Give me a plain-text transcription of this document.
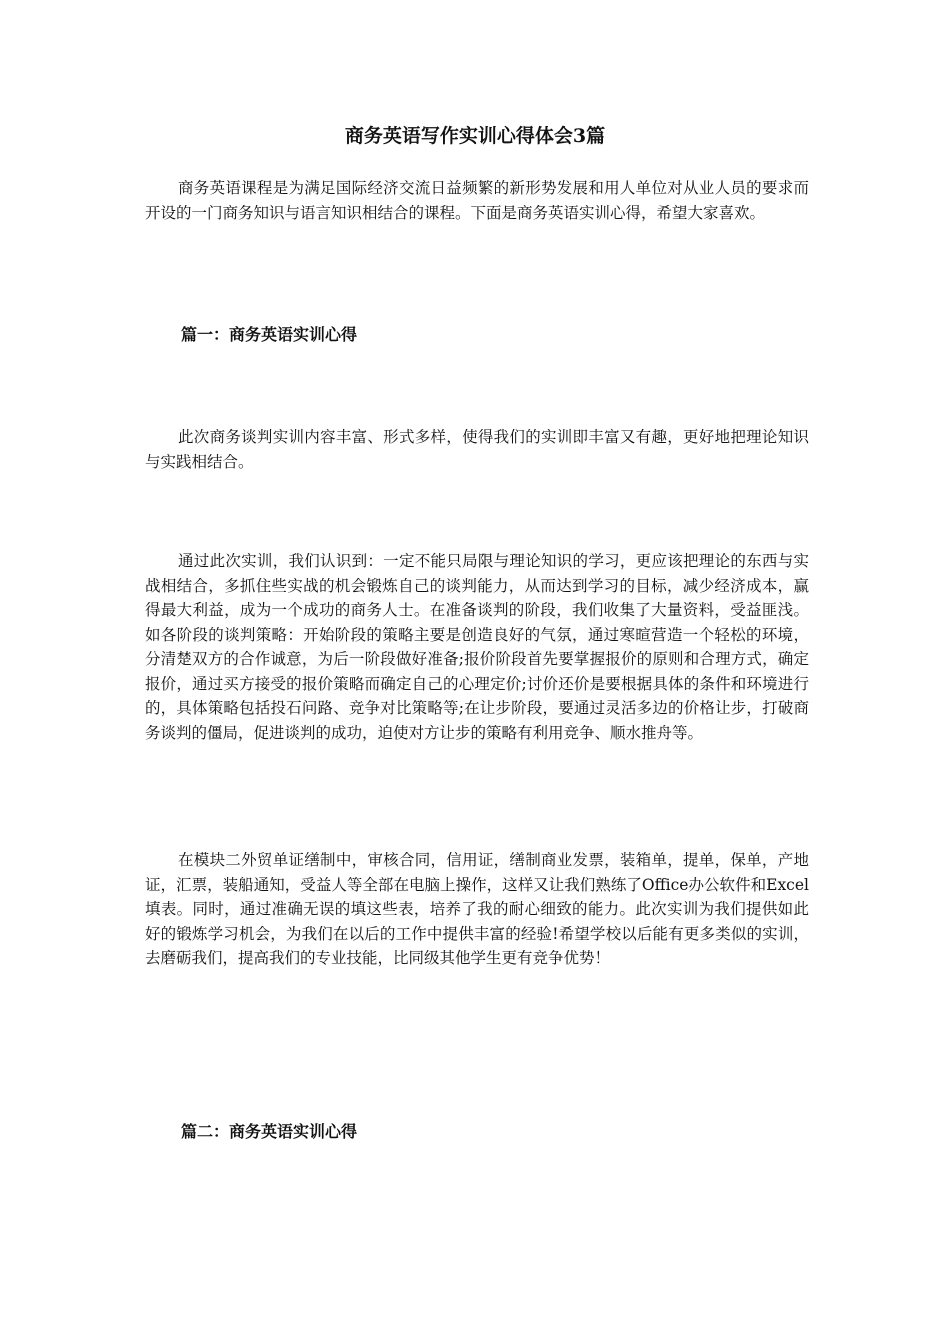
商务英语写作实训心得体会3篇

商务英语课程是为满足国际经济交流日益频繁的新形势发展和用人单位对从业人员的要求而开设的一门商务知识与语言知识相结合的课程。下面是商务英语实训心得，希望大家喜欢。

篇一：商务英语实训心得

此次商务谈判实训内容丰富、形式多样，使得我们的实训即丰富又有趣，更好地把理论知识与实践相结合。

通过此次实训，我们认识到：一定不能只局限与理论知识的学习，更应该把理论的东西与实战相结合，多抓住些实战的机会锻炼自己的谈判能力，从而达到学习的目标，减少经济成本，赢得最大利益，成为一个成功的商务人士。在准备谈判的阶段，我们收集了大量资料，受益匪浅。如各阶段的谈判策略：开始阶段的策略主要是创造良好的气氛，通过寒暄营造一个轻松的环境，分清楚双方的合作诚意，为后一阶段做好准备;报价阶段首先要掌握报价的原则和合理方式，确定报价，通过买方接受的报价策略而确定自己的心理定价;讨价还价是要根据具体的条件和环境进行的，具体策略包括投石问路、竞争对比策略等;在让步阶段，要通过灵活多边的价格让步，打破商务谈判的僵局，促进谈判的成功，迫使对方让步的策略有利用竞争、顺水推舟等。

在模块二外贸单证缮制中，审核合同，信用证，缮制商业发票，装箱单，提单，保单，产地证，汇票，装船通知，受益人等全部在电脑上操作，这样又让我们熟练了Office办公软件和Excel填表。同时，通过准确无误的填这些表，培养了我的耐心细致的能力。此次实训为我们提供如此好的锻炼学习机会，为我们在以后的工作中提供丰富的经验!希望学校以后能有更多类似的实训，去磨砺我们，提高我们的专业技能，比同级其他学生更有竞争优势！

篇二：商务英语实训心得
